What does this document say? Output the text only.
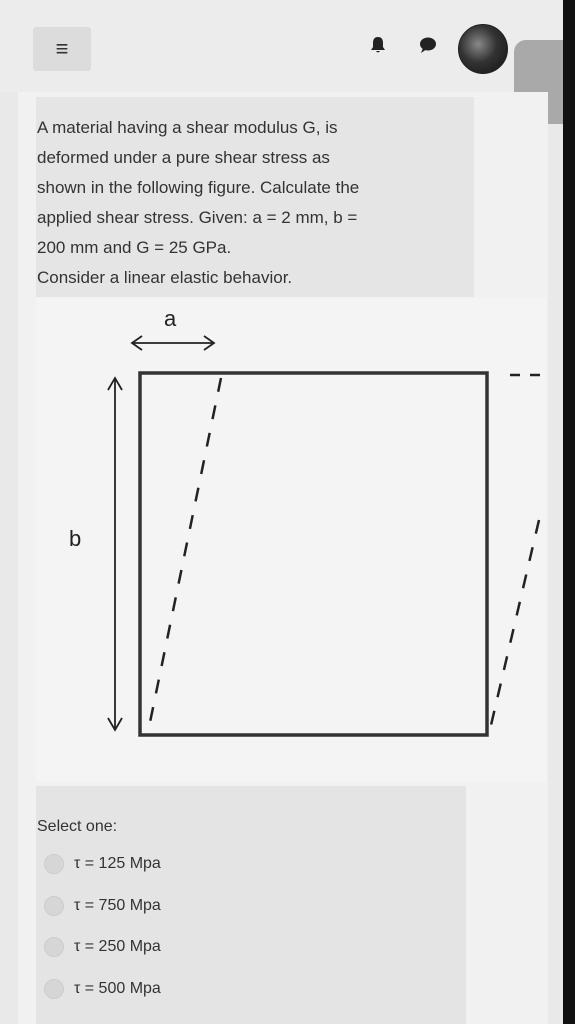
≡

A material having a shear modulus G, is

deformed under a pure shear stress as

shown in the following figure. Calculate the

applied shear stress. Given: a = 2 mm, b =

200 mm and G = 25 GPa.

Consider a linear elastic behavior.

a
b
Select one:
τ = 125 Mpa
τ = 750 Mpa
τ = 250 Mpa
τ = 500 Mpa
